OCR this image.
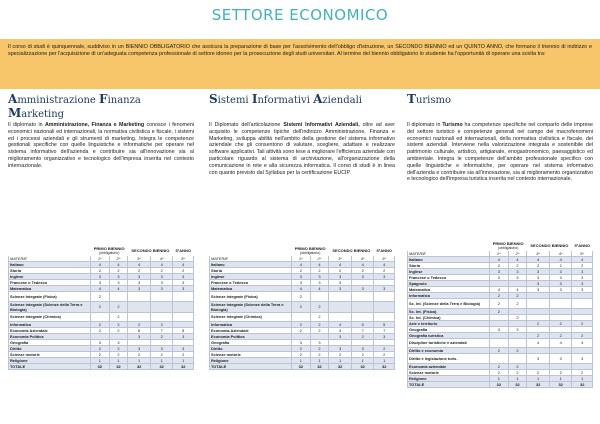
SETTORE ECONOMICO
Il corso di studi è quinquennale, suddiviso in un BIENNIO OBBLIGATORIO che assicura la preparazione di base per l'assolvimento dell'obbligo d'istruzione, un SECONDO BIENNIO ed un QUINTO ANNO, che formano il triennio di indirizzo e specializzazione per l'acquisizione di un'adeguata competenza professionale di settore idoneo per la prosecuzione degli studi universitari. Al termine del biennio obbligatorio lo studente ha l'opportunità di operare una scelta tra:
Amministrazione Finanza Marketing
Il diplomato in Amministrazione, Finanza e Marketing conosce i fenomeni economici nazionali ed internazionali, la normativa civilistica e fiscale, i sistemi ed i processi aziendali e gli strumenti di marketing. Integra le competenze gestionali specifiche con quelle linguistiche e informatiche per operare nel sistema informativo dell'azienda e contribuire sia all'innovazione sia al miglioramento organizzativo e tecnologico dell'impresa inserita nel contesto internazionale.
Sistemi Informativi Aziendali
Il Diplomato dell'articolazione Sistemi Informativi Aziendali, oltre ad aver acquisito le competenze tipiche dell'indirizzo Amministrazione, Finanza e Marketing, sviluppa abilità nell'ambito della gestione del sistema informativo aziendale che gli consentono di valutare, scegliere, adattare e realizzare software applicativi. Tali attività sono tese a migliorare l'efficienza aziendale con particolare riguardo al sistema di archiviazione, all'organizzazione della comunicazione in rete e alla sicurezza informatica. Il corso di studi è in linea con quanto previsto dal Syllabus per la certificazione EUCIP.
Turismo
Il diplomato in Turismo ha competenze specifiche nel comparto delle imprese del settore turistico e competenze generali nel campo dei macrofenomeni economici nazionali ed internazionali, della normativa civilistica e fiscale, dei sistemi aziendali. Interviene nella valorizzazione integrata e sostenibile del patrimonio culturale, artistico, artigianale, enogastronomico, paesaggistico ed ambientale. Integra le competenze dell'ambito professionale specifico con quelle linguistiche e informatiche, per operare nel sistema informativo dell'azienda e contribuire sia all'innovazione, sia al miglioramento organizzativo e tecnologico dell'impresa turistica inserita nel contesto internazionale.
	PRIMO BIENNIO
(obbligatorio)		SECONDO BIENNIO		5°ANNO
MATERIE	1^	2^	3^	4^	5^
Italiano	4	4	4	4	4
Storia	2	2	2	2	2
Inglese	3	3	3	3	3
Francese o Tedesco	3	3	3	3	3
Matematica	4	4	3	3	3
Scienze Integrate (Fisica)	2				
Scienze integrate (Scienze della Terra e Biologia)	2	2			
Scienze integrate (Chimica)		2			
Informatica	2	2	2	2	
Economia Aziendale	2	2	6	7	8
Economia Politica			3	2	3
Geografia	3	3			
Diritto	2	2	3	3	3
Scienze motorie	2	2	2	2	2
Religione	1	1	1	1	1
TOTALE	32	32	32	32	32
	PRIMO BIENNIO
(obbligatorio)		SECONDO BIENNIO		5°ANNO
MATERIE	1^	2^	3^	4^	5^
Italiano	4	4	4	4	4
Storia	2	2	2	2	2
Inglese	3	3	3	3	3
Francese o Tedesco	3	3	3		
Matematica	4	4	3	3	3
Scienze Integrate (Fisica)	2				
Scienze integrate (Scienze della Terra e Biologia)	2	2			
Scienze integrate (Chimica)		2			
Informatica	2	2	4	5	5
Economia Aziendale	2	2	4	7	7
Economia Politica			3	2	3
Geografia	3	3			
Diritto	2	2	3	3	2
Scienze motorie	2	2	2	2	2
Religione	1	1	1	1	1
TOTALE	32	32	32	32	32
	PRIMO BIENNIO
(obbligatorio)		SECONDO BIENNIO		5°ANNO
MATERIE	1^	2^	3^	4^	5^
Italiano	4	4	4	4	4
Storia	2	2	2	2	2
Inglese	3	3	3	3	3
Francese o Tedesco	3	3	3	3	3
Spagnolo			3	3	3
Matematica	4	4	3	3	3
Informatica	2	2			
Sc. Int. (Scienze della Terra e Biologia)	2	2			
Sc. Int. (Fisica)	2				
Sc. Int. (Chimica)		2			
Arte e territorio			2	2	2
Geografia	3	3			
Geografia turistica			2	2	2
Discipline turistiche e aziendali			4	4	4
Diritto e economia	2	2			
Diritto e legislazione turis.			3	3	3
Economia aziendale	2	2			
Scienze motorie	2	2	2	2	2
Religione	1	1	1	1	1
TOTALE	32	32	32	32	32
